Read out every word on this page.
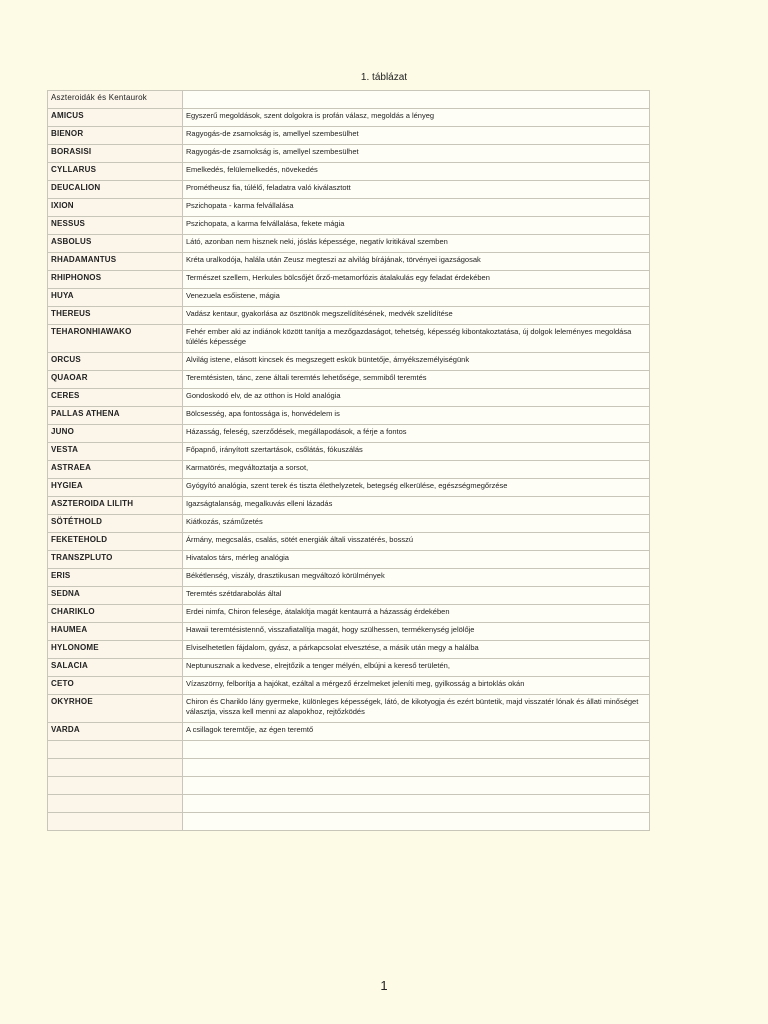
1. táblázat
Aszteroidák és Kentaurok	
AMICUS	Egyszerű megoldások, szent dolgokra is profán válasz, megoldás a lényeg
BIENOR	Ragyogás-de zsarnokság is, amellyel szembesülhet
BORASISI	Ragyogás-de zsarnokság is, amellyel szembesülhet
CYLLARUS	Emelkedés, felülemelkedés, növekedés
DEUCALION	Prométheusz fia, túlélő, feladatra való kiválasztott
IXION	Pszichopata - karma felvállalása
NESSUS	Pszichopata, a karma felvállalása, fekete mágia
ASBOLUS	Látó, azonban nem hisznek neki, jóslás képessége, negatív kritikával szemben
RHADAMANTUS	Kréta uralkodója, halála után Zeusz megteszi az alvilág bírájának, törvényei igazságosak
RHIPHONOS	Természet szellem, Herkules bölcsőjét őrző-metamorfózis átalakulás egy feladat érdekében
HUYA	Venezuela esőistene, mágia
THEREUS	Vadász kentaur, gyakorlása az ösztönök megszelídítésének, medvék szelídítése
TEHARONHIAWAKO	Fehér ember aki az indiánok között tanítja a mezőgazdaságot, tehetség, képesség kibontakoztatása, új dolgok leleményes megoldása túlélés képessége
ORCUS	Alvilág istene, elásott kincsek és megszegett eskük büntetője, árnyékszemélyiségünk
QUAOAR	Teremtésisten, tánc, zene általi teremtés lehetősége, semmiből teremtés
CERES	Gondoskodó elv, de az otthon is Hold analógia
PALLAS ATHENA	Bölcsesség, apa fontossága is, honvédelem is
JUNO	Házasság, feleség, szerződések, megállapodások, a férje a fontos
VESTA	Főpapnő, irányított szertartások, csőlátás, fókuszálás
ASTRAEA	Karmatörés, megváltoztatja a sorsot,
HYGIEA	Gyógyító analógia, szent terek és tiszta élethelyzetek, betegség elkerülése, egészségmegőrzése
ASZTEROIDA LILITH	Igazságtalanság, megalkuvás elleni lázadás
SÖTÉTHOLD	Kiátkozás, száműzetés
FEKETEHOLD	Ármány, megcsalás, csalás, sötét energiák általi visszatérés, bosszú
TRANSZPLUTO	Hivatalos társ, mérleg analógia
ERIS	Békétlenség, viszály, drasztikusan megváltozó körülmények
SEDNA	Teremtés szétdarabolás által
CHARIKLO	Erdei nimfa, Chiron felesége, átalakítja magát kentaurrá a házasság érdekében
HAUMEA	Hawaii teremtésistennő, visszafiatalítja magát, hogy szülhessen, termékenység jelölője
HYLONOME	Elviselhetetlen fájdalom, gyász, a párkapcsolat elvesztése, a másik után megy a halálba
SALACIA	Neptunusznak a kedvese, elrejtőzik a tenger mélyén, elbújni a kereső területén,
CETO	Vízaszörny, felborítja a hajókat, ezáltal a mérgező érzelmeket jeleníti meg, gyilkosság a birtoklás okán
OKYRHOE	Chiron és Chariklo lány gyermeke, különleges képességek, látó, de kikotyogja és ezért büntetik, majd visszatér lónak és állati minőséget választja, vissza kell menni az alapokhoz, rejtőzködés
VARDA	A csillagok teremtője, az égen teremtő

1
